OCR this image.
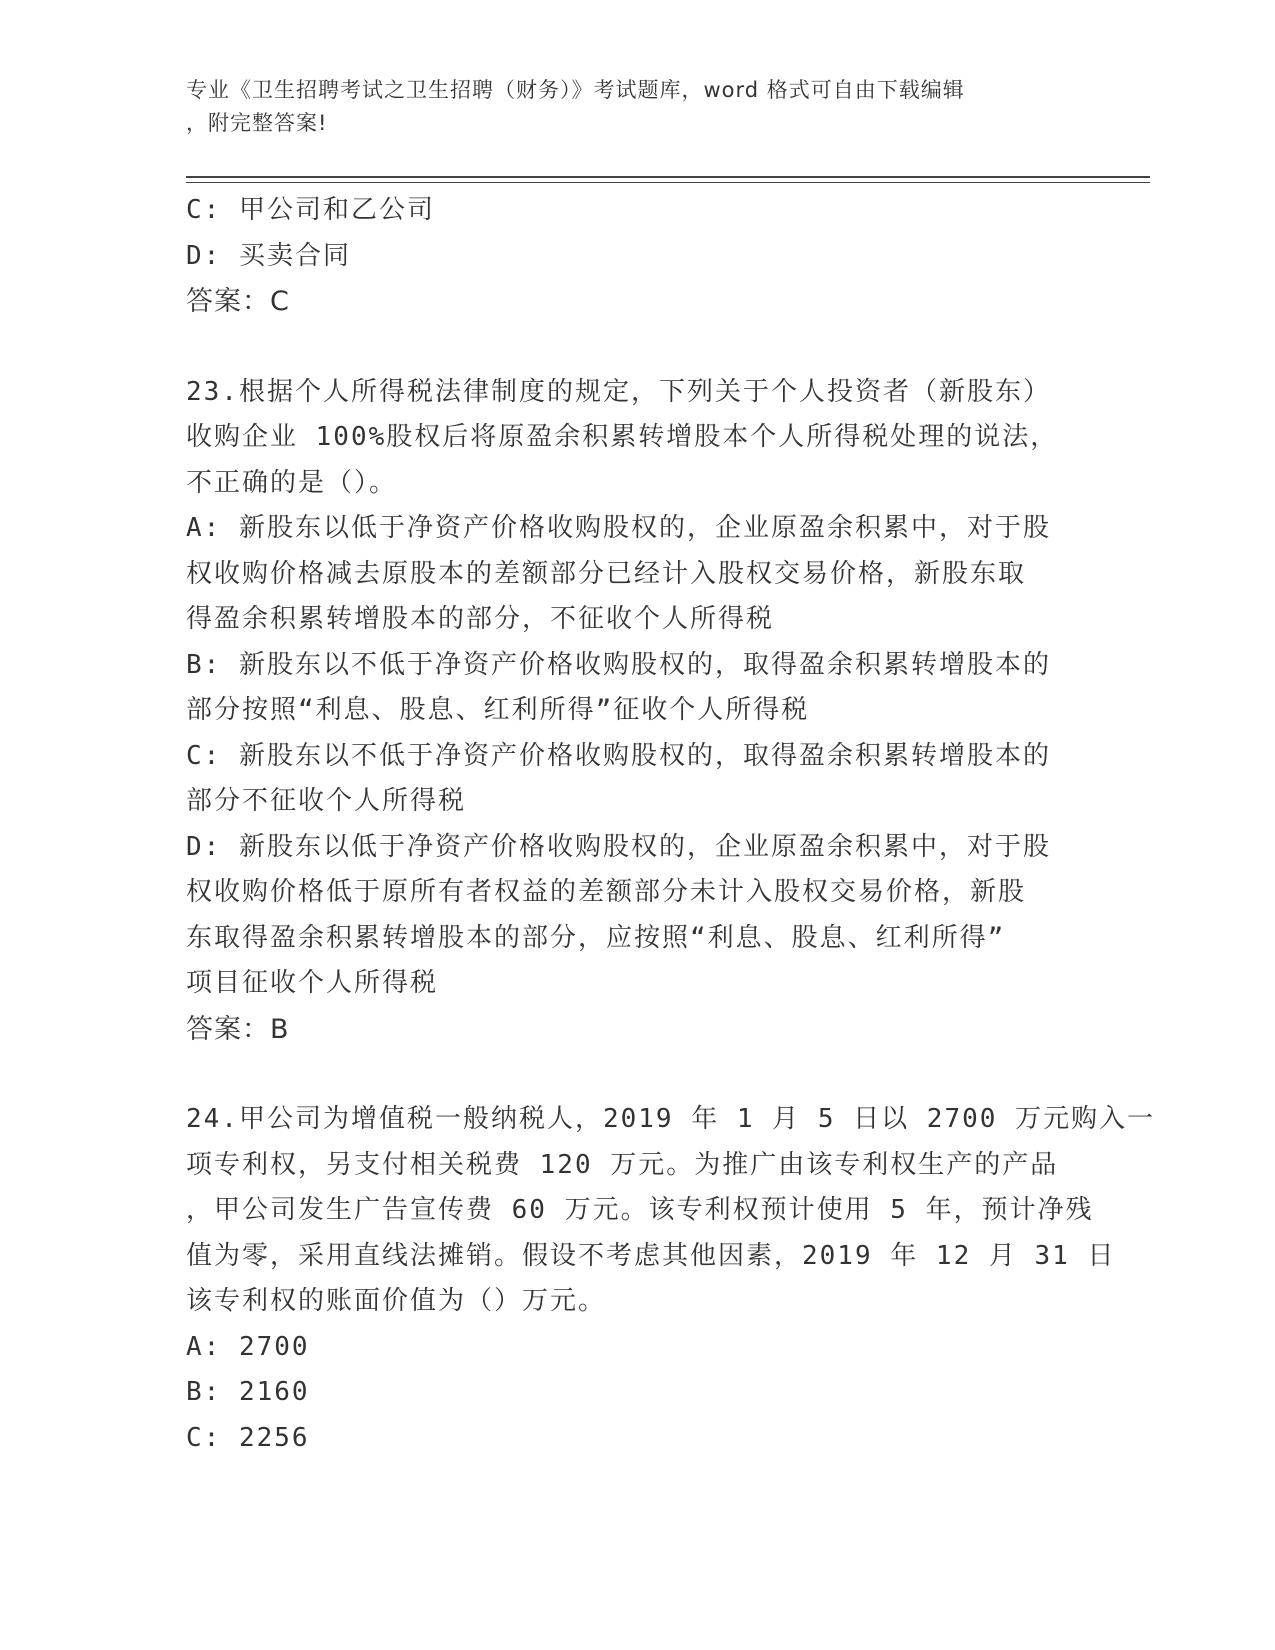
专业《卫生招聘考试之卫生招聘（财务）》考试题库，word 格式可自由下载编辑
，附完整答案!
C: 甲公司和乙公司
D: 买卖合同
答案：C
23.根据个人所得税法律制度的规定，下列关于个人投资者（新股东）
收购企业 100%股权后将原盈余积累转增股本个人所得税处理的说法，
不正确的是（）。
A: 新股东以低于净资产价格收购股权的，企业原盈余积累中，对于股
权收购价格减去原股本的差额部分已经计入股权交易价格，新股东取
得盈余积累转增股本的部分，不征收个人所得税
B: 新股东以不低于净资产价格收购股权的，取得盈余积累转增股本的
部分按照“利息、股息、红利所得”征收个人所得税
C: 新股东以不低于净资产价格收购股权的，取得盈余积累转增股本的
部分不征收个人所得税
D: 新股东以低于净资产价格收购股权的，企业原盈余积累中，对于股
权收购价格低于原所有者权益的差额部分未计入股权交易价格，新股
东取得盈余积累转增股本的部分，应按照“利息、股息、红利所得”
项目征收个人所得税
答案：B
24.甲公司为增值税一般纳税人，2019 年 1 月 5 日以 2700 万元购入一
项专利权，另支付相关税费 120 万元。为推广由该专利权生产的产品
，甲公司发生广告宣传费 60 万元。该专利权预计使用 5 年，预计净残
值为零，采用直线法摊销。假设不考虑其他因素，2019 年 12 月 31 日
该专利权的账面价值为（）万元。
A: 2700
B: 2160
C: 2256
